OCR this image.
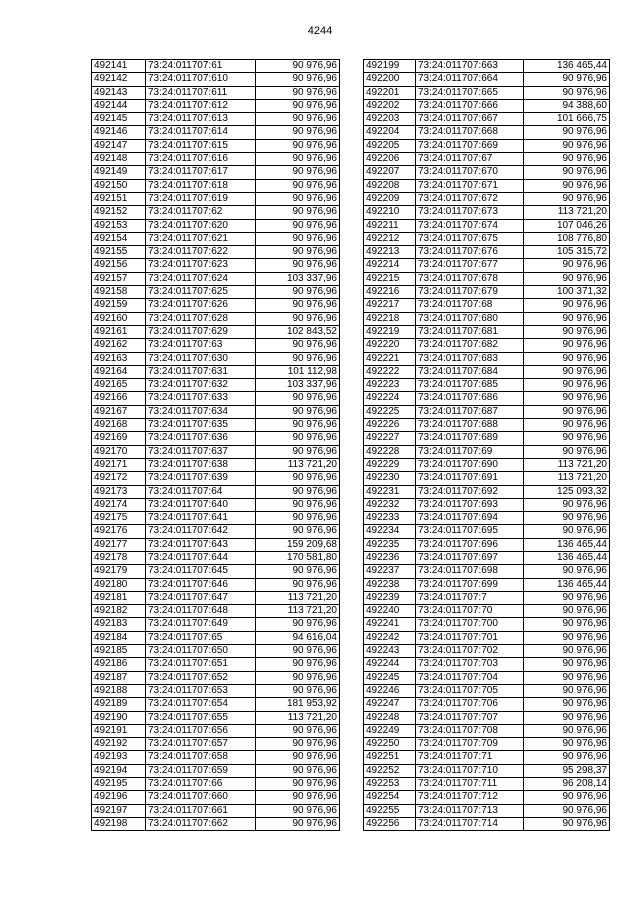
4244
492141	73:24:011707:61	90 976,96
492142	73:24:011707:610	90 976,96
492143	73:24:011707:611	90 976,96
492144	73:24:011707:612	90 976,96
492145	73:24:011707:613	90 976,96
492146	73:24:011707:614	90 976,96
492147	73:24:011707:615	90 976,96
492148	73:24:011707:616	90 976,96
492149	73:24:011707:617	90 976,96
492150	73:24:011707:618	90 976,96
492151	73:24:011707:619	90 976,96
492152	73:24:011707:62	90 976,96
492153	73:24:011707:620	90 976,96
492154	73:24:011707:621	90 976,96
492155	73:24:011707:622	90 976,96
492156	73:24:011707:623	90 976,96
492157	73:24:011707:624	103 337,96
492158	73:24:011707:625	90 976,96
492159	73:24:011707:626	90 976,96
492160	73:24:011707:628	90 976,96
492161	73:24:011707:629	102 843,52
492162	73:24:011707:63	90 976,96
492163	73:24:011707:630	90 976,96
492164	73:24:011707:631	101 112,98
492165	73:24:011707:632	103 337,96
492166	73:24:011707:633	90 976,96
492167	73:24:011707:634	90 976,96
492168	73:24:011707:635	90 976,96
492169	73:24:011707:636	90 976,96
492170	73:24:011707:637	90 976,96
492171	73:24:011707:638	113 721,20
492172	73:24:011707:639	90 976,96
492173	73:24:011707:64	90 976,96
492174	73:24:011707:640	90 976,96
492175	73:24:011707:641	90 976,96
492176	73:24:011707:642	90 976,96
492177	73:24:011707:643	159 209,68
492178	73:24:011707:644	170 581,80
492179	73:24:011707:645	90 976,96
492180	73:24:011707:646	90 976,96
492181	73:24:011707:647	113 721,20
492182	73:24:011707:648	113 721,20
492183	73:24:011707:649	90 976,96
492184	73:24:011707:65	94 616,04
492185	73:24:011707:650	90 976,96
492186	73:24:011707:651	90 976,96
492187	73:24:011707:652	90 976,96
492188	73:24:011707:653	90 976,96
492189	73:24:011707:654	181 953,92
492190	73:24:011707:655	113 721,20
492191	73:24:011707:656	90 976,96
492192	73:24:011707:657	90 976,96
492193	73:24:011707:658	90 976,96
492194	73:24:011707:659	90 976,96
492195	73:24:011707:66	90 976,96
492196	73:24:011707:660	90 976,96
492197	73:24:011707:661	90 976,96
492198	73:24:011707:662	90 976,96
492199	73:24:011707:663	136 465,44
492200	73:24:011707:664	90 976,96
492201	73:24:011707:665	90 976,96
492202	73:24:011707:666	94 388,60
492203	73:24:011707:667	101 666,75
492204	73:24:011707:668	90 976,96
492205	73:24:011707:669	90 976,96
492206	73:24:011707:67	90 976,96
492207	73:24:011707:670	90 976,96
492208	73:24:011707:671	90 976,96
492209	73:24:011707:672	90 976,96
492210	73:24:011707:673	113 721,20
492211	73:24:011707:674	107 046,26
492212	73:24:011707:675	108 776,80
492213	73:24:011707:676	105 315,72
492214	73:24:011707:677	90 976,96
492215	73:24:011707:678	90 976,96
492216	73:24:011707:679	100 371,32
492217	73:24:011707:68	90 976,96
492218	73:24:011707:680	90 976,96
492219	73:24:011707:681	90 976,96
492220	73:24:011707:682	90 976,96
492221	73:24:011707:683	90 976,96
492222	73:24:011707:684	90 976,96
492223	73:24:011707:685	90 976,96
492224	73:24:011707:686	90 976,96
492225	73:24:011707:687	90 976,96
492226	73:24:011707:688	90 976,96
492227	73:24:011707:689	90 976,96
492228	73:24:011707:69	90 976,96
492229	73:24:011707:690	113 721,20
492230	73:24:011707:691	113 721,20
492231	73:24:011707:692	125 093,32
492232	73:24:011707:693	90 976,96
492233	73:24:011707:694	90 976,96
492234	73:24:011707:695	90 976,96
492235	73:24:011707:696	136 465,44
492236	73:24:011707:697	136 465,44
492237	73:24:011707:698	90 976,96
492238	73:24:011707:699	136 465,44
492239	73:24:011707:7	90 976,96
492240	73:24:011707:70	90 976,96
492241	73:24:011707:700	90 976,96
492242	73:24:011707:701	90 976,96
492243	73:24:011707:702	90 976,96
492244	73:24:011707:703	90 976,96
492245	73:24:011707:704	90 976,96
492246	73:24:011707:705	90 976,96
492247	73:24:011707:706	90 976,96
492248	73:24:011707:707	90 976,96
492249	73:24:011707:708	90 976,96
492250	73:24:011707:709	90 976,96
492251	73:24:011707:71	90 976,96
492252	73:24:011707:710	95 298,37
492253	73:24:011707:711	96 208,14
492254	73:24:011707:712	90 976,96
492255	73:24:011707:713	90 976,96
492256	73:24:011707:714	90 976,96
